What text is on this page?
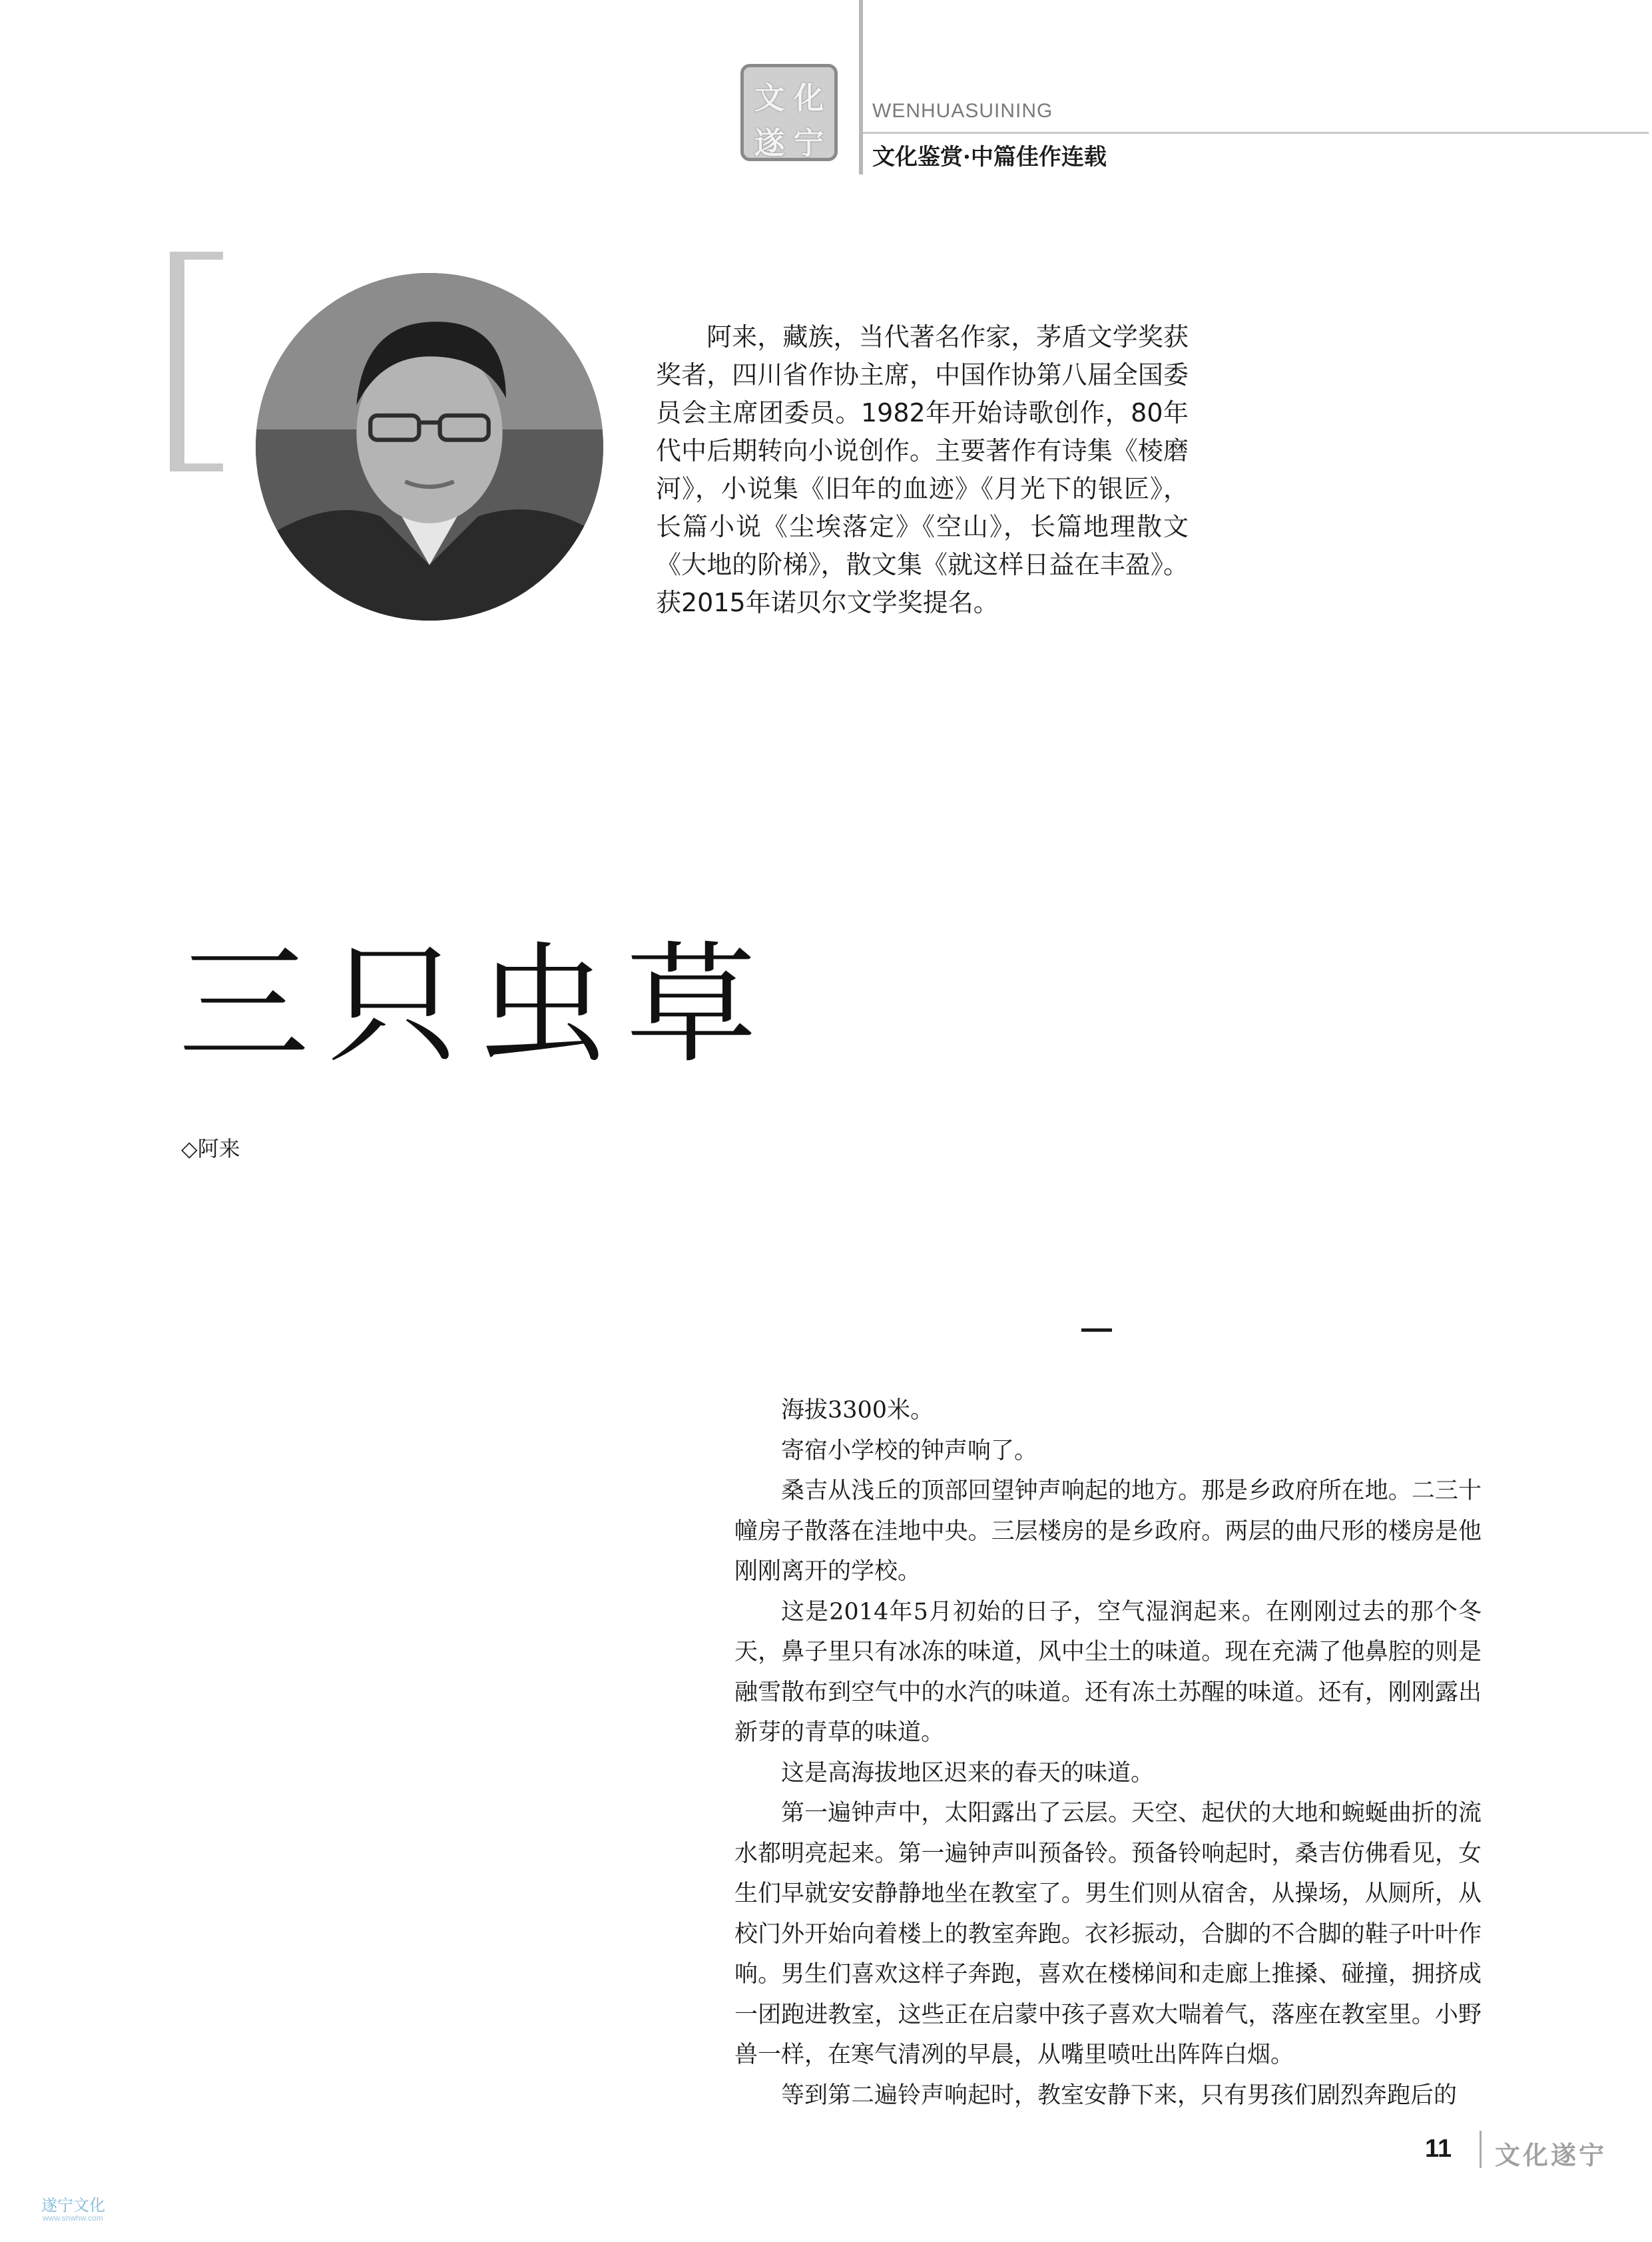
文 化
遂 宁
WENHUASUINING
文化鉴赏·中篇佳作连载
阿来，藏族，当代著名作家，茅盾文学奖获奖者，四川省作协主席，中国作协第八届全国委员会主席团委员。1982年开始诗歌创作，80年代中后期转向小说创作。主要著作有诗集《棱磨河》，小说集《旧年的血迹》《月光下的银匠》，长篇小说《尘埃落定》《空山》，长篇地理散文《大地的阶梯》，散文集《就这样日益在丰盈》。获2015年诺贝尔文学奖提名。
三只虫草
◇阿来

海拔3300米。

寄宿小学校的钟声响了。

桑吉从浅丘的顶部回望钟声响起的地方。那是乡政府所在地。二三十幢房子散落在洼地中央。三层楼房的是乡政府。两层的曲尺形的楼房是他刚刚离开的学校。

这是2014年5月初始的日子，空气湿润起来。在刚刚过去的那个冬天，鼻子里只有冰冻的味道，风中尘土的味道。现在充满了他鼻腔的则是融雪散布到空气中的水汽的味道。还有冻土苏醒的味道。还有，刚刚露出新芽的青草的味道。

这是高海拔地区迟来的春天的味道。

第一遍钟声中，太阳露出了云层。天空、起伏的大地和蜿蜒曲折的流水都明亮起来。第一遍钟声叫预备铃。预备铃响起时，桑吉仿佛看见，女生们早就安安静静地坐在教室了。男生们则从宿舍，从操场，从厕所，从校门外开始向着楼上的教室奔跑。衣衫振动，合脚的不合脚的鞋子叶叶作响。男生们喜欢这样子奔跑，喜欢在楼梯间和走廊上推搡、碰撞，拥挤成一团跑进教室，这些正在启蒙中孩子喜欢大喘着气，落座在教室里。小野兽一样，在寒气清冽的早晨，从嘴里喷吐出阵阵白烟。

等到第二遍铃声响起时，教室安静下来，只有男孩们剧烈奔跑后的

11 文化遂宁
遂宁文化
www.snwhw.com
